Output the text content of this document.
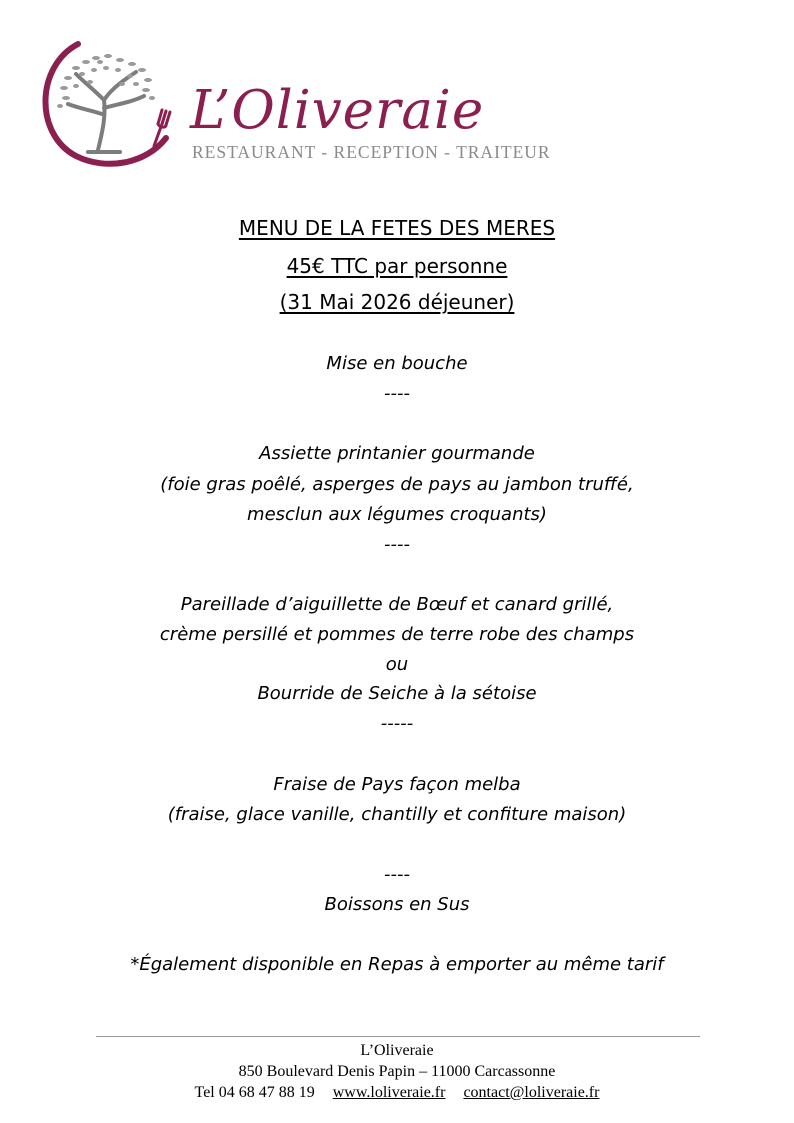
L’Oliveraie
RESTAURANT - RECEPTION - TRAITEUR
MENU DE LA FETES DES MERES
45€ TTC par personne
(31 Mai 2026 déjeuner)
Mise en bouche
----
Assiette printanier gourmande
(foie gras poêlé, asperges de pays au jambon truffé,
mesclun aux légumes croquants)
----
Pareillade d’aiguillette de Bœuf et canard grillé,
crème persillé et pommes de terre robe des champs
ou
Bourride de Seiche à la sétoise
-----
Fraise de Pays façon melba
(fraise, glace vanille, chantilly et confiture maison)
----
Boissons en Sus
*Également disponible en Repas à emporter au même tarif
L’Oliveraie
850 Boulevard Denis Papin – 11000 Carcassonne
Tel 04 68 47 88 19 www.loliveraie.fr contact@loliveraie.fr
